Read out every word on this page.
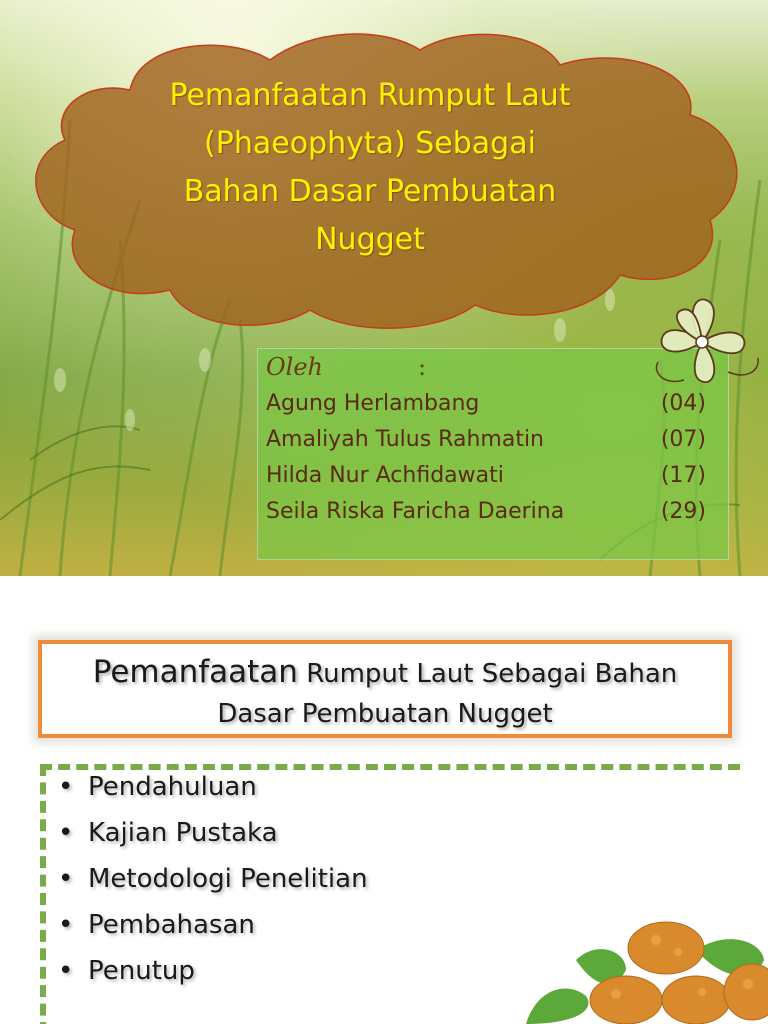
Pemanfaatan Rumput Laut
(Phaeophyta) Sebagai
Bahan Dasar Pembuatan
Nugget
Oleh	:
Agung Herlambang	(04)
Amaliyah Tulus Rahmatin	(07)
Hilda Nur Achfidawati	(17)
Seila Riska Faricha Daerina	(29)
Pemanfaatan Rumput Laut Sebagai Bahan
Dasar Pembuatan Nugget
• Pendahuluan
• Kajian Pustaka
• Metodologi Penelitian
• Pembahasan
• Penutup
